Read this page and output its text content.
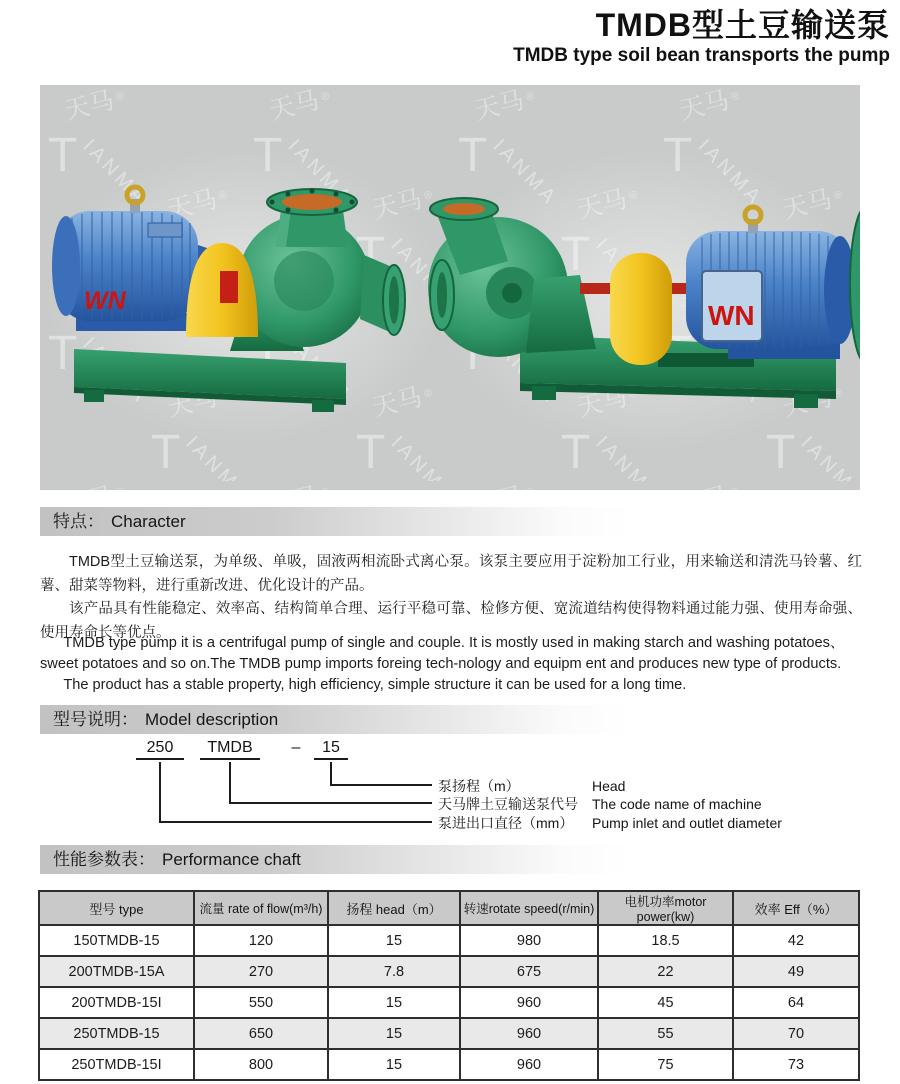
TMDB型土豆输送泵
TMDB type soil bean transports the pump
WN	WN
特点： Character

TMDB型土豆输送泵，为单级、单吸，固液两相流卧式离心泵。该泵主要应用于淀粉加工行业，用来输送和清洗马铃薯、红薯、甜菜等物料，进行重新改进、优化设计的产品。

该产品具有性能稳定、效率高、结构简单合理、运行平稳可靠、检修方便、宽流道结构使得物料通过能力强、使用寿命强、使用寿命长等优点。

TMDB type pump it is a centrifugal pump of single and couple. It is mostly used in making starch and washing potatoes、 sweet potatoes and so on.The TMDB pump imports foreing tech-nology and equipm ent and produces new type of products.

The product has a stable property, high efficiency, simple structure it can be used for a long time.

型号说明： Model description
250	TMDB	–	15
泵扬程（m）	Head
天马牌土豆输送泵代号 The code name of machine
泵进出口直径（mm） Pump inlet and outlet diameter
性能参数表： Performance chaft
型号 type	流量 rate of flow(m³/h)	扬程 head（m）	转速rotate speed(r/min)	电机功率motor power(kw)	效率 Eff（%）
150TMDB-15	120	15	980	18.5	42
200TMDB-15A	270	7.8	675	22	49
200TMDB-15I	550	15	960	45	64
250TMDB-15	650	15	960	55	70
250TMDB-15I	800	15	960	75	73
